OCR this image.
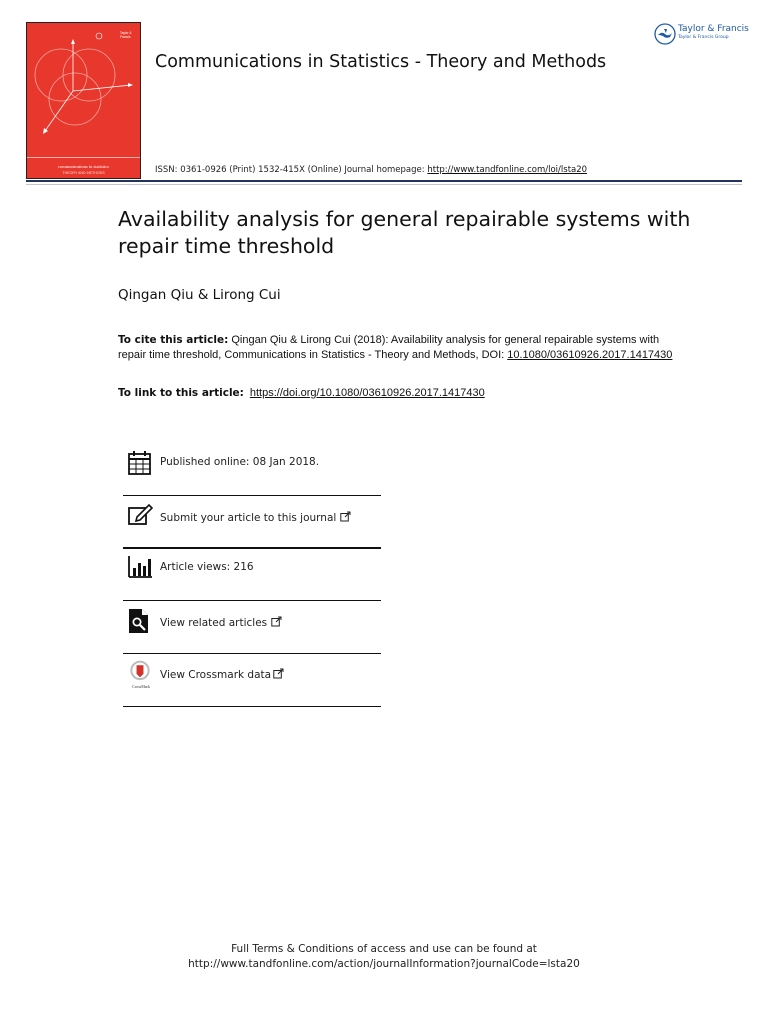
Taylor & Francis
communications in statistics
THEORY AND METHODS
Communications in Statistics - Theory and Methods
Taylor & Francis
Taylor & Francis Group
ISSN: 0361-0926 (Print) 1532-415X (Online) Journal homepage: http://www.tandfonline.com/loi/lsta20
Availability analysis for general repairable systems with repair time threshold
Qingan Qiu & Lirong Cui
To cite this article: Qingan Qiu & Lirong Cui (2018): Availability analysis for general repairable systems with repair time threshold, Communications in Statistics - Theory and Methods, DOI: 10.1080/03610926.2017.1417430
To link to this article: https://doi.org/10.1080/03610926.2017.1417430
Published online: 08 Jan 2018.
Submit your article to this journal
Article views: 216
View related articles
CrossMark
View Crossmark data
Full Terms & Conditions of access and use can be found at
http://www.tandfonline.com/action/journalInformation?journalCode=lsta20
